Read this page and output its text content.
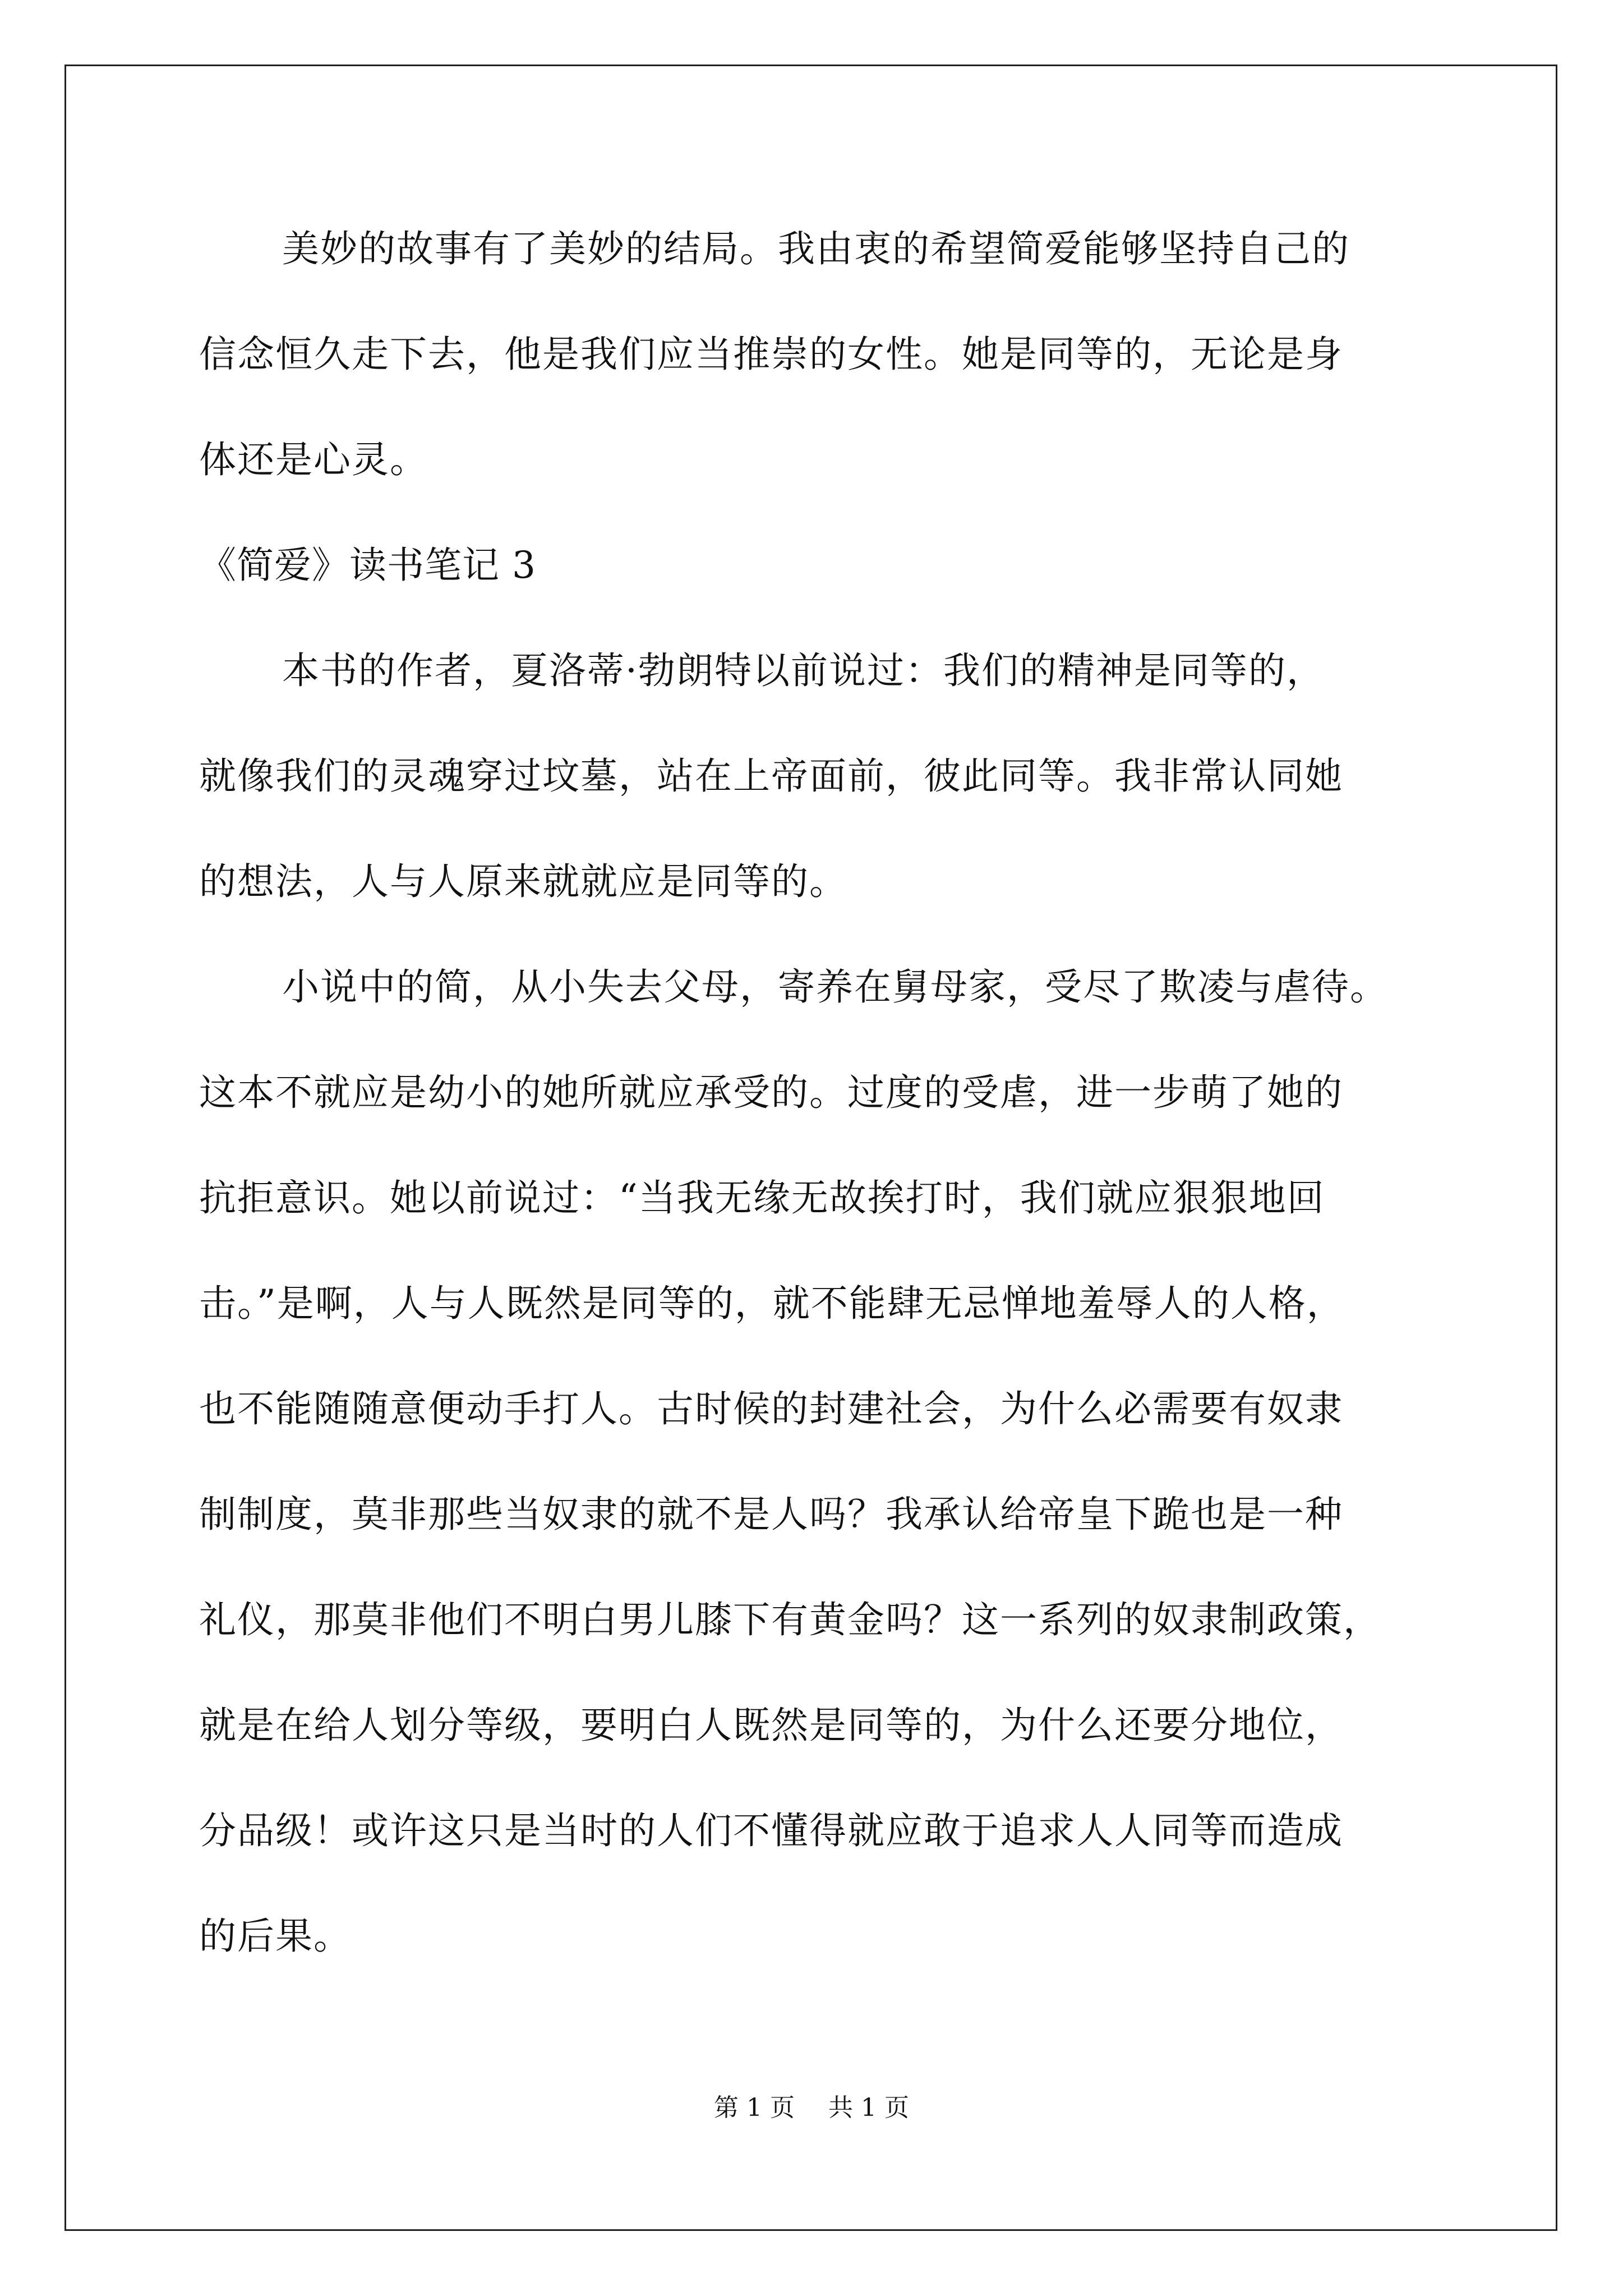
美妙的故事有了美妙的结局。我由衷的希望简爱能够坚持自己的
信念恒久走下去，他是我们应当推崇的女性。她是同等的，无论是身
体还是心灵。
《简爱》读书笔记 3
本书的作者，夏洛蒂·勃朗特以前说过：我们的精神是同等的，
就像我们的灵魂穿过坟墓，站在上帝面前，彼此同等。我非常认同她
的想法，人与人原来就就应是同等的。
小说中的简，从小失去父母，寄养在舅母家，受尽了欺凌与虐待。
这本不就应是幼小的她所就应承受的。过度的受虐，进一步萌了她的
抗拒意识。她以前说过：“当我无缘无故挨打时，我们就应狠狠地回
击。”是啊，人与人既然是同等的，就不能肆无忌惮地羞辱人的人格，
也不能随随意便动手打人。古时候的封建社会，为什么必需要有奴隶
制制度，莫非那些当奴隶的就不是人吗？我承认给帝皇下跪也是一种
礼仪，那莫非他们不明白男儿膝下有黄金吗？这一系列的奴隶制政策，
就是在给人划分等级，要明白人既然是同等的，为什么还要分地位，
分品级！或许这只是当时的人们不懂得就应敢于追求人人同等而造成
的后果。
第 1 页 共 1 页
